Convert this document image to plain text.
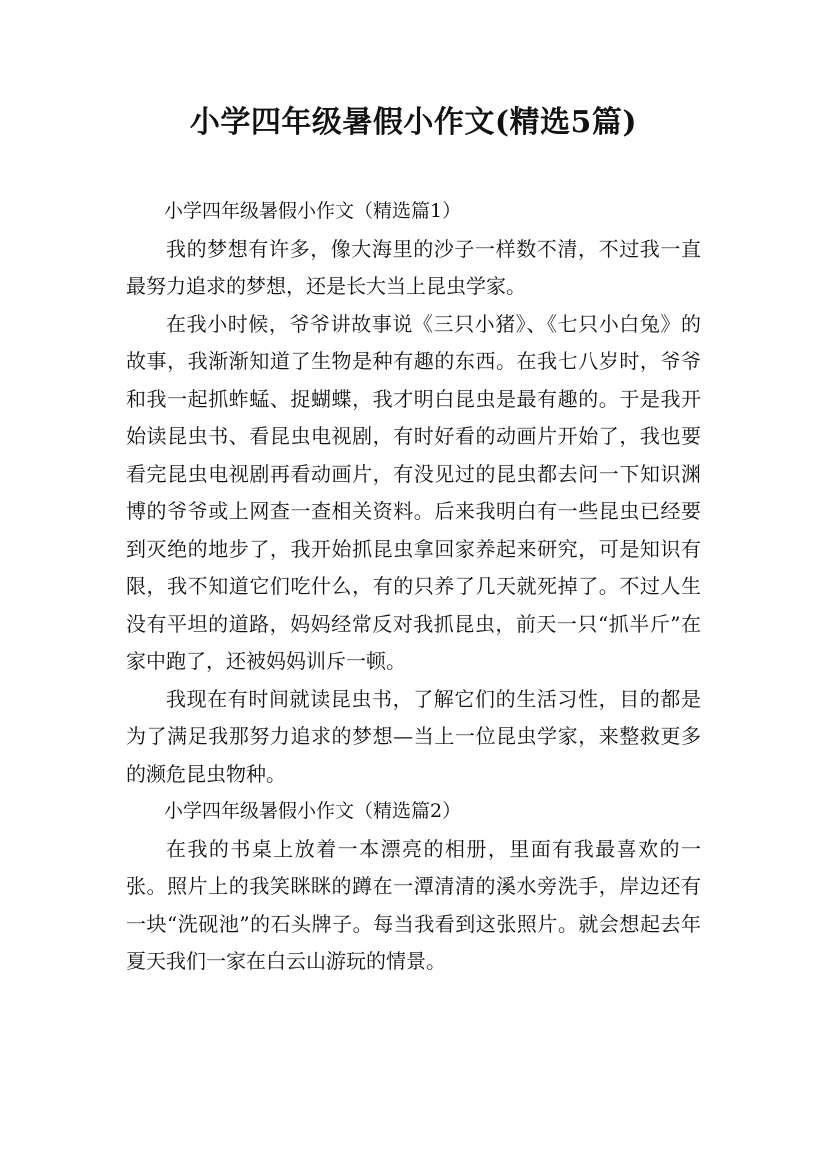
小学四年级暑假小作文(精选5篇)

小学四年级暑假小作文（精选篇1）

我的梦想有许多，像大海里的沙子一样数不清，不过我一直最努力追求的梦想，还是长大当上昆虫学家。

在我小时候，爷爷讲故事说《三只小猪》、《七只小白兔》的故事，我渐渐知道了生物是种有趣的东西。在我七八岁时，爷爷和我一起抓蚱蜢、捉蝴蝶，我才明白昆虫是最有趣的。于是我开始读昆虫书、看昆虫电视剧，有时好看的动画片开始了，我也要看完昆虫电视剧再看动画片，有没见过的昆虫都去问一下知识渊博的爷爷或上网查一查相关资料。后来我明白有一些昆虫已经要到灭绝的地步了，我开始抓昆虫拿回家养起来研究，可是知识有限，我不知道它们吃什么，有的只养了几天就死掉了。不过人生没有平坦的道路，妈妈经常反对我抓昆虫，前天一只“抓半斤”在家中跑了，还被妈妈训斥一顿。

我现在有时间就读昆虫书，了解它们的生活习性，目的都是为了满足我那努力追求的梦想—当上一位昆虫学家，来整救更多的濒危昆虫物种。

小学四年级暑假小作文（精选篇2）

在我的书桌上放着一本漂亮的相册，里面有我最喜欢的一张。照片上的我笑眯眯的蹲在一潭清清的溪水旁洗手，岸边还有一块“洗砚池”的石头牌子。每当我看到这张照片。就会想起去年夏天我们一家在白云山游玩的情景。
